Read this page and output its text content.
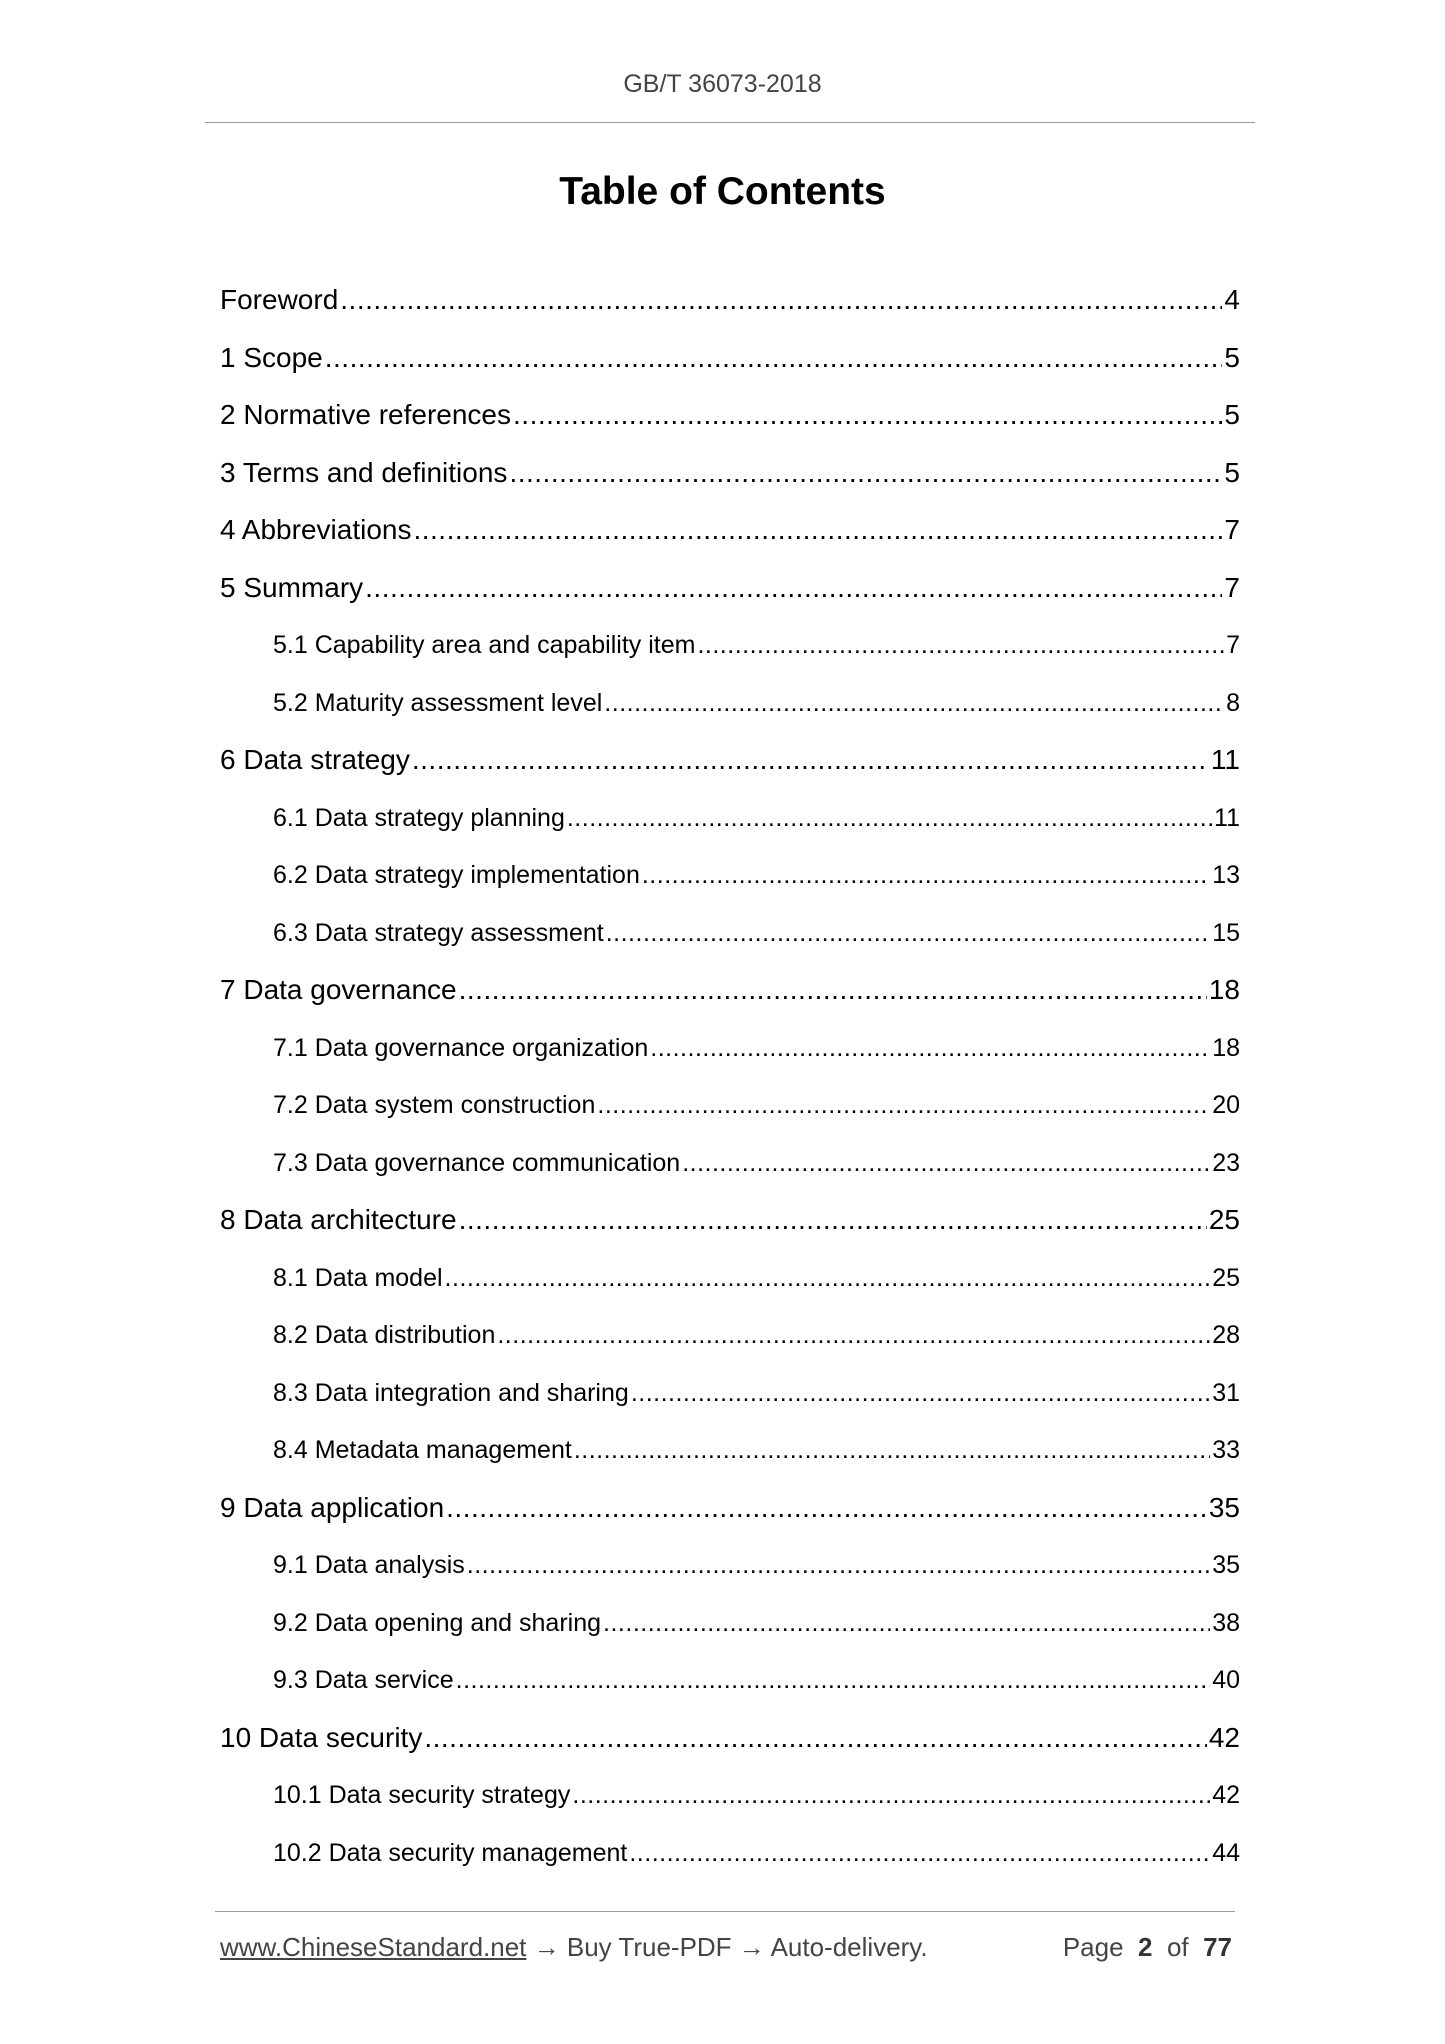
GB/T 36073-2018
Table of Contents
Foreword .....	4
1 Scope .....	5
2 Normative references .....	5
3 Terms and definitions .....	5
4 Abbreviations .....	7
5 Summary .....	7
5.1 Capability area and capability item .....	7
5.2 Maturity assessment level .....	8
6 Data strategy .....	11
6.1 Data strategy planning .....	11
6.2 Data strategy implementation .....	13
6.3 Data strategy assessment .....	15
7 Data governance .....	18
7.1 Data governance organization .....	18
7.2 Data system construction .....	20
7.3 Data governance communication .....	23
8 Data architecture .....	25
8.1 Data model .....	25
8.2 Data distribution .....	28
8.3 Data integration and sharing .....	31
8.4 Metadata management .....	33
9 Data application .....	35
9.1 Data analysis .....	35
9.2 Data opening and sharing .....	38
9.3 Data service .....	40
10 Data security .....	42
10.1 Data security strategy .....	42
10.2 Data security management .....	44
www.ChineseStandard.net → Buy True-PDF → Auto-delivery.	Page 2 of 77
